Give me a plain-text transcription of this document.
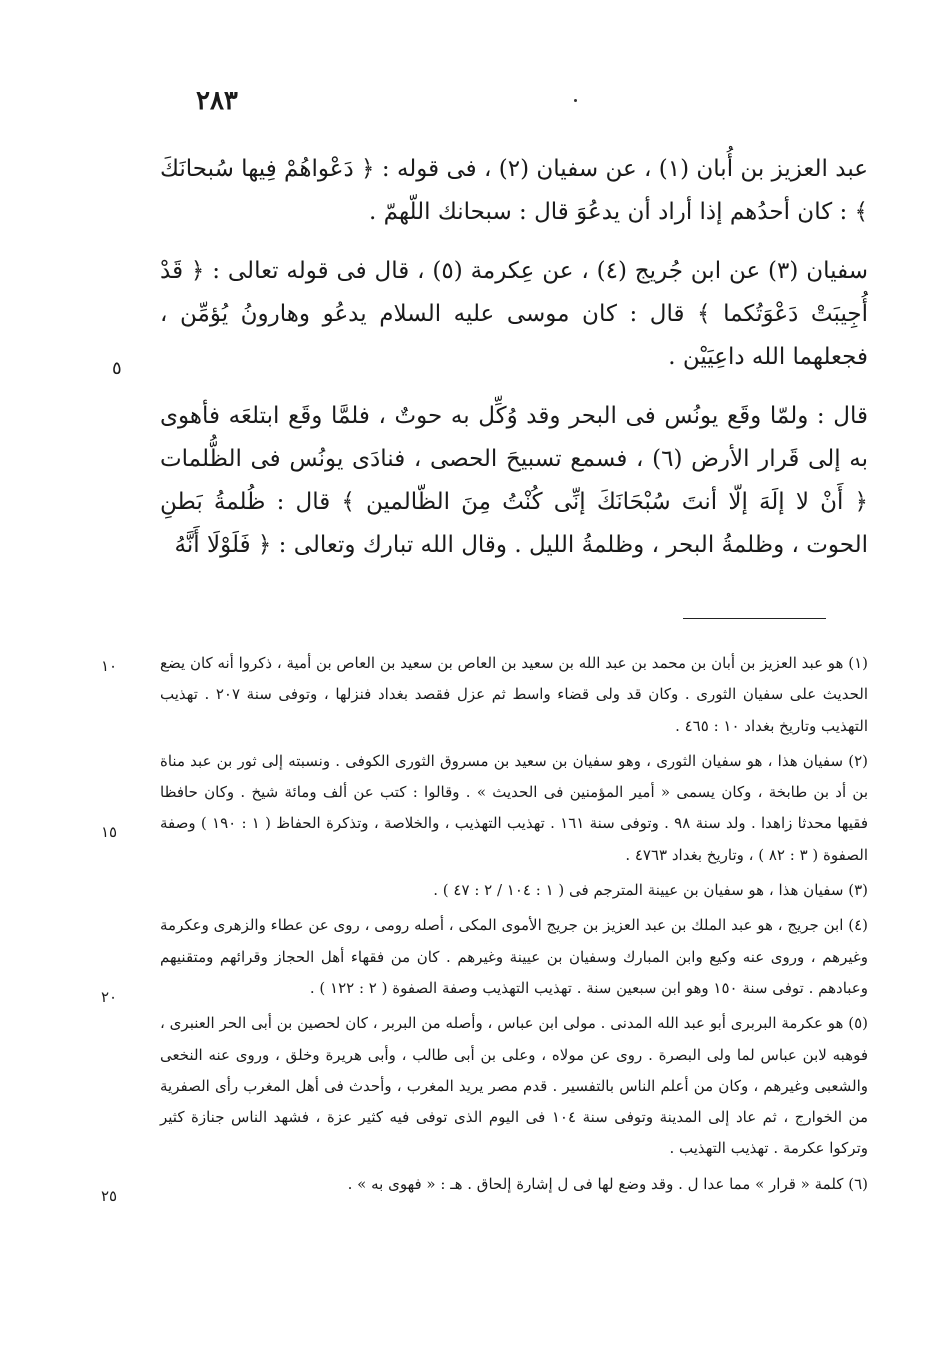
٢٨٣

عبد العزيز بن أُبان (١) ، عن سفيان (٢) ، فى قوله : ﴿ دَعْواهُمْ فِيها سُبحانَكَ ﴾ : كان أحدُهم إذا أراد أن يدعُوَ قال : سبحانك اللّهمّ .

سفيان (٣) عن ابن جُريج (٤) ، عن عِكرمة (٥) ، قال فى قوله تعالى : ﴿ قَدْ أُجِيبَتْ دَعْوَتُكما ﴾ قال : كان موسى عليه السلام يدعُو وهارونُ يُؤمِّن ، فجعلهما الله داعِيَيْن .

قال : ولمّا وقَع يونُس فى البحر وقد وُكِّل به حوتٌ ، فلمَّا وقَع ابتلعَه فأهوى به إلى قَرار الأرض (٦) ، فسمع تسبيحَ الحصى ، فنادَى يونُس فى الظُّلمات ﴿ أَنْ لا إلَهَ إلّا أنتَ سُبْحَانَكَ إنِّى كُنْتُ مِنَ الظّالمين ﴾ قال : ظُلمةُ بَطنِ الحوت ، وظلمةُ البحر ، وظلمةُ الليل . وقال الله تبارك وتعالى : ﴿ فَلَوْلَا أَنَّهُ

٥

(١) هو عبد العزيز بن أبان بن محمد بن عبد الله بن سعيد بن العاص بن سعيد بن العاص بن أمية ، ذكروا أنه كان يضع الحديث على سفيان الثورى . وكان قد ولى قضاء واسط ثم عزل فقصد بغداد فنزلها ، وتوفى سنة ٢٠٧ . تهذيب التهذيب وتاريخ بغداد ١٠ : ٤٦٥ .

(٢) سفيان هذا ، هو سفيان الثورى ، وهو سفيان بن سعيد بن مسروق الثورى الكوفى . ونسبته إلى ثور بن عبد مناة بن أد بن طابخة ، وكان يسمى « أمير المؤمنين فى الحديث » . وقالوا : كتب عن ألف ومائة شيخ . وكان حافظا فقيها محدثا زاهدا . ولد سنة ٩٨ . وتوفى سنة ١٦١ . تهذيب التهذيب ، والخلاصة ، وتذكرة الحفاظ ( ١ : ١٩٠ ) وصفة الصفوة ( ٣ : ٨٢ ) ، وتاريخ بغداد ٤٧٦٣ .

(٣) سفيان هذا ، هو سفيان بن عيينة المترجم فى ( ١ : ١٠٤ / ٢ : ٤٧ ) .

(٤) ابن جريج ، هو عبد الملك بن عبد العزيز بن جريج الأموى المكى ، أصله رومى ، روى عن عطاء والزهرى وعكرمة وغيرهم ، وروى عنه وكيع وابن المبارك وسفيان بن عيينة وغيرهم . كان من فقهاء أهل الحجاز وقرائهم ومتقنيهم وعبادهم . توفى سنة ١٥٠ وهو ابن سبعين سنة . تهذيب التهذيب وصفة الصفوة ( ٢ : ١٢٢ ) .

(٥) هو عكرمة البربرى أبو عبد الله المدنى . مولى ابن عباس ، وأصله من البربر ، كان لحصين بن أبى الحر العنبرى ، فوهبه لابن عباس لما ولى البصرة . روى عن مولاه ، وعلى بن أبى طالب ، وأبى هريرة وخلق ، وروى عنه النخعى والشعبى وغيرهم ، وكان من أعلم الناس بالتفسير . قدم مصر يريد المغرب ، وأحدث فى أهل المغرب رأى الصفرية من الخوارج ، ثم عاد إلى المدينة وتوفى سنة ١٠٤ فى اليوم الذى توفى فيه كثير عزة ، فشهد الناس جنازة كثير وتركوا عكرمة . تهذيب التهذيب .

(٦) كلمة « قرار » مما عدا ل . وقد وضع لها فى ل إشارة إلحاق . هـ : « فهوى به » .

١٠
١٥
٢٠
٢٥
